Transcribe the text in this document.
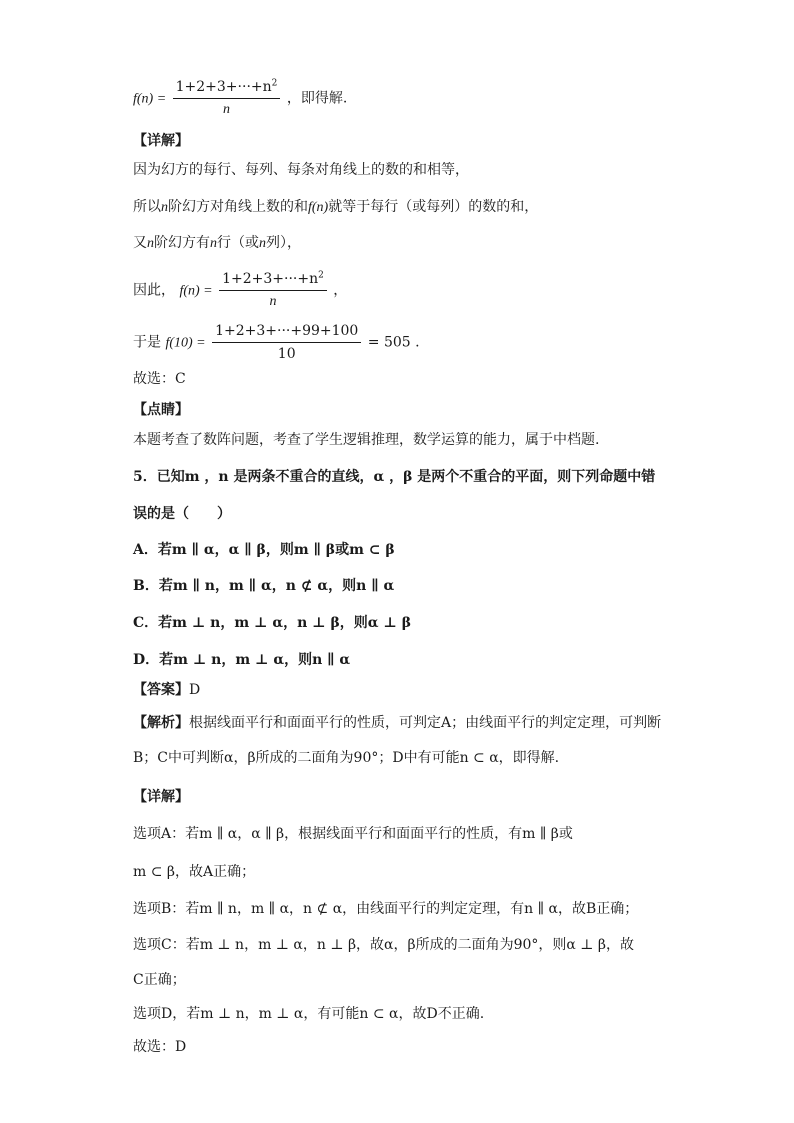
$f(n) = \frac{1+2+3+\cdot\cdot\cdot+n^2}{n}$ ，即得解.
【详解】
因为幻方的每行、每列、每条对角线上的数的和相等，
所以n阶幻方对角线上数的和f(n)就等于每行（或每列）的数的和，
又n阶幻方有n行（或n列），
因此， $f(n) = \frac{1+2+3+\cdot\cdot\cdot+n^2}{n}$ ，
于是 $f(10) = \frac{1+2+3+\cdot\cdot\cdot+99+100}{10} = 505$ .
故选：C
【点睛】
本题考查了数阵问题，考查了学生逻辑推理，数学运算的能力，属于中档题.
5．已知m ，n 是两条不重合的直线，α ，β 是两个不重合的平面，则下列命题中错
误的是（　　）
A．若m ∥ α，α ∥ β，则m ∥ β或m ⊂ β
B．若m ∥ n，m ∥ α，n ⊄ α，则n ∥ α
C．若m ⊥ n，m ⊥ α，n ⊥ β，则α ⊥ β
D．若m ⊥ n，m ⊥ α，则n ∥ α
【答案】D
【解析】根据线面平行和面面平行的性质，可判定A；由线面平行的判定定理，可判断
B；C中可判断α，β所成的二面角为90°；D中有可能n ⊂ α，即得解.
【详解】
选项A：若m ∥ α，α ∥ β，根据线面平行和面面平行的性质，有m ∥ β或
m ⊂ β，故A正确；
选项B：若m ∥ n，m ∥ α，n ⊄ α，由线面平行的判定定理，有n ∥ α，故B正确；
选项C：若m ⊥ n，m ⊥ α，n ⊥ β，故α，β所成的二面角为90°，则α ⊥ β，故
C正确；
选项D，若m ⊥ n，m ⊥ α，有可能n ⊂ α，故D不正确.
故选：D
